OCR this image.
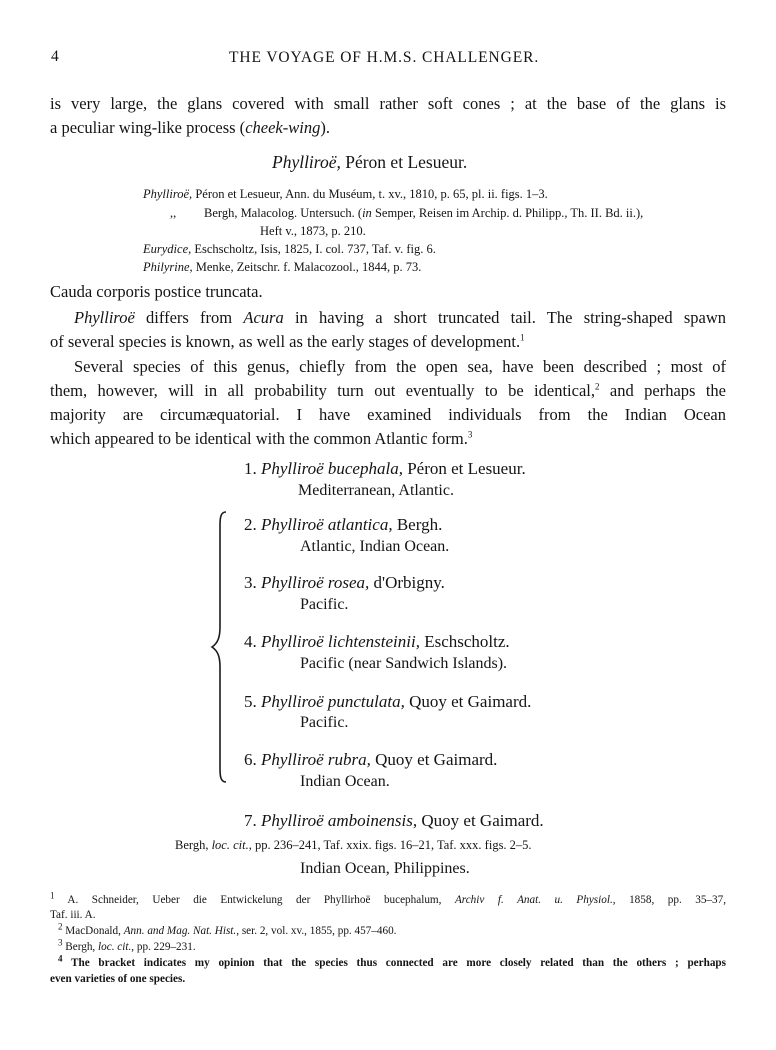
4	THE VOYAGE OF H.M.S. CHALLENGER.
is very large, the glans covered with small rather soft cones ; at the base of the glans is
a peculiar wing-like process (cheek-wing).
Phylliroë, Péron et Lesueur.
Phylliroë, Péron et Lesueur, Ann. du Muséum, t. xv., 1810, p. 65, pl. ii. figs. 1–3.
,, Bergh, Malacolog. Untersuch. (in Semper, Reisen im Archip. d. Philipp., Th. II. Bd. ii.),
Heft v., 1873, p. 210.
Eurydice, Eschscholtz, Isis, 1825, I. col. 737, Taf. v. fig. 6.
Philyrine, Menke, Zeitschr. f. Malacozool., 1844, p. 73.
Cauda corporis postice truncata.
Phylliroë differs from Acura in having a short truncated tail. The string-shaped spawn
of several species is known, as well as the early stages of development.$^1$
Several species of this genus, chiefly from the open sea, have been described ; most of
them, however, will in all probability turn out eventually to be identical,$^2$ and perhaps the
majority are circumæquatorial. I have examined individuals from the Indian Ocean
which appeared to be identical with the common Atlantic form.$^3$
1. Phylliroë bucephala, Péron et Lesueur.
Mediterranean, Atlantic.
2. Phylliroë atlantica, Bergh.
Atlantic, Indian Ocean.
3. Phylliroë rosea, d'Orbigny.
Pacific.
4. Phylliroë lichtensteinii, Eschscholtz.
Pacific (near Sandwich Islands).
5. Phylliroë punctulata, Quoy et Gaimard.
Pacific.
6. Phylliroë rubra, Quoy et Gaimard.
Indian Ocean.
7. Phylliroë amboinensis, Quoy et Gaimard.
Bergh, loc. cit., pp. 236–241, Taf. xxix. figs. 16–21, Taf. xxx. figs. 2–5.
Indian Ocean, Philippines.
$^1$ A. Schneider, Ueber die Entwickelung der Phyllirhoë bucephalum, Archiv f. Anat. u. Physiol., 1858, pp. 35–37,
Taf. iii. A.
$^2$ MacDonald, Ann. and Mag. Nat. Hist., ser. 2, vol. xv., 1855, pp. 457–460.
$^3$ Bergh, loc. cit., pp. 229–231.
$^4$ The bracket indicates my opinion that the species thus connected are more closely related than the others ; perhaps
even varieties of one species.
